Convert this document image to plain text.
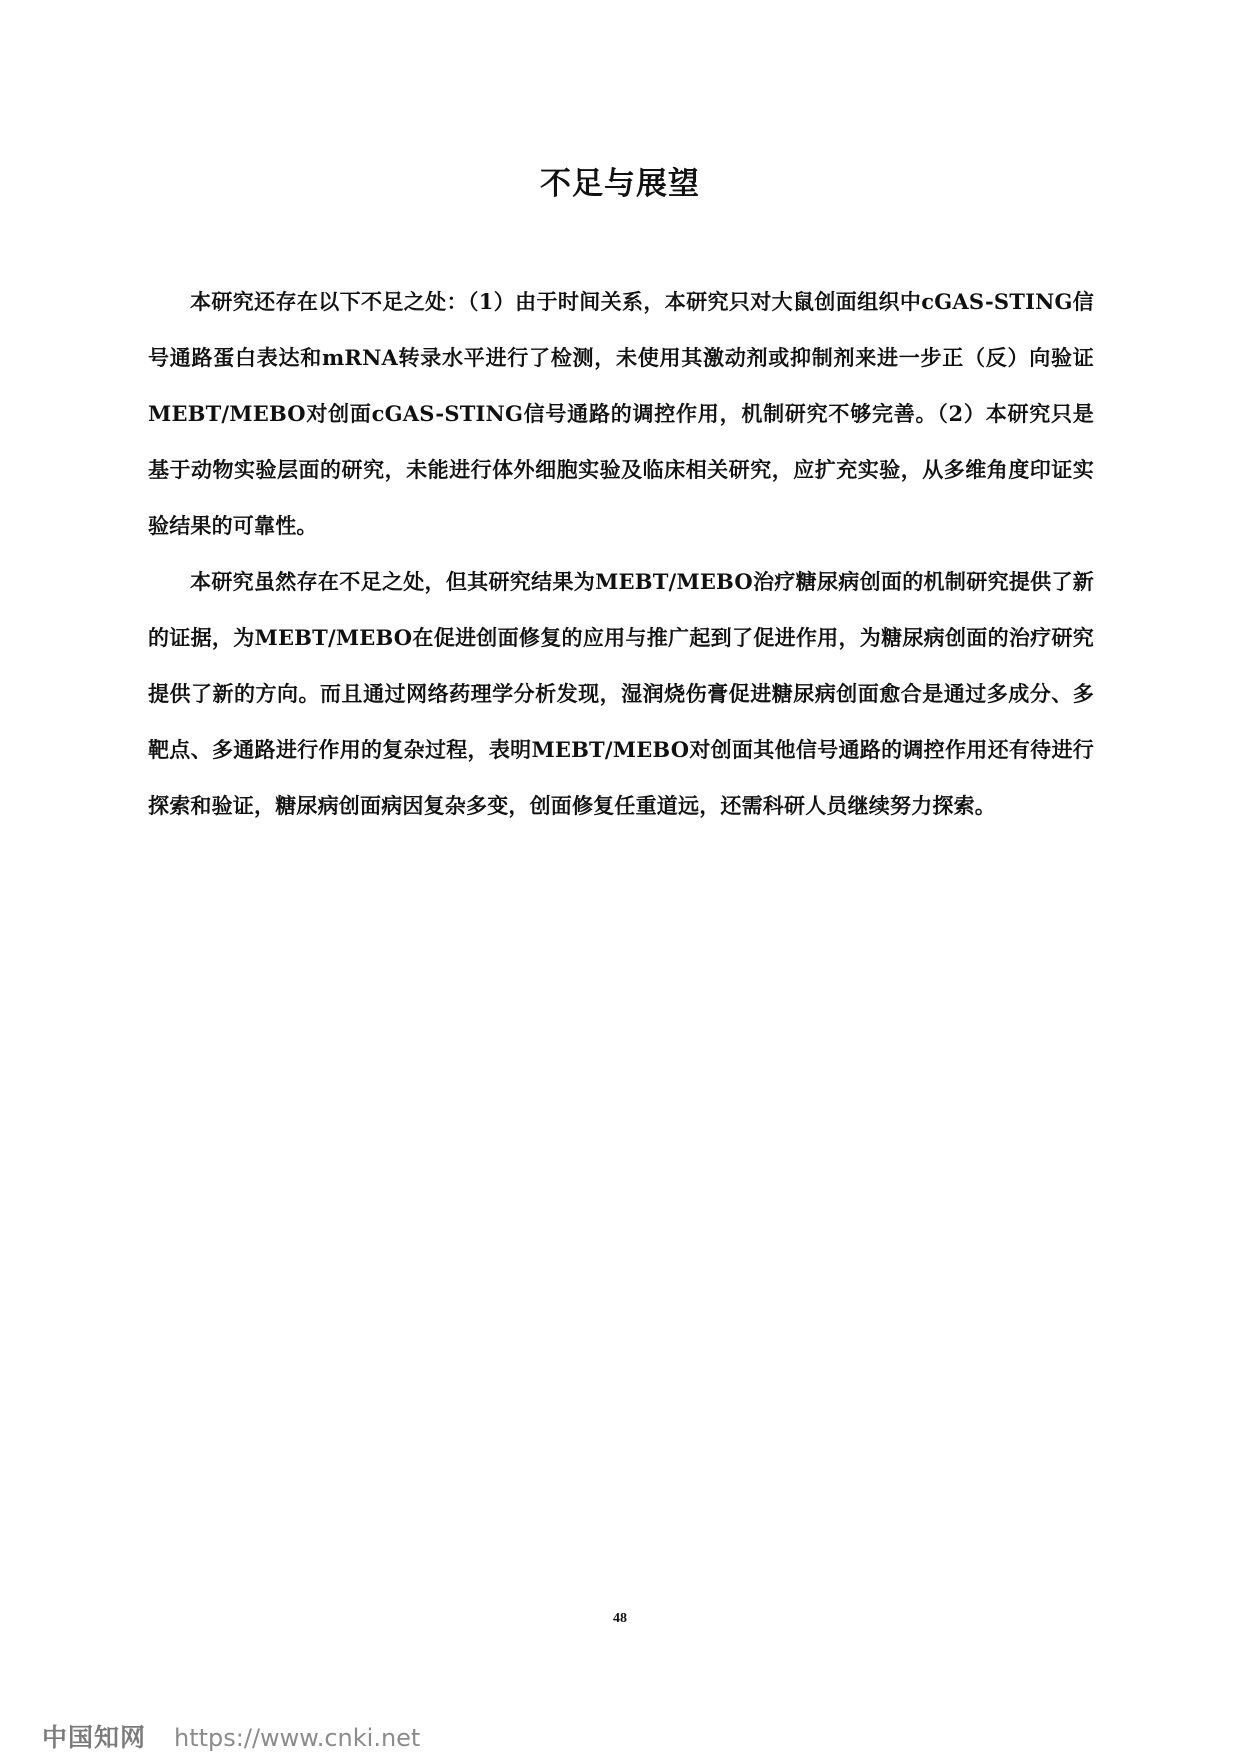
不足与展望

本研究还存在以下不足之处：（1）由于时间关系，本研究只对大鼠创面组织中cGAS-STING信号通路蛋白表达和mRNA转录水平进行了检测，未使用其激动剂或抑制剂来进一步正（反）向验证MEBT/MEBO对创面cGAS-STING信号通路的调控作用，机制研究不够完善。（2）本研究只是基于动物实验层面的研究，未能进行体外细胞实验及临床相关研究，应扩充实验，从多维角度印证实验结果的可靠性。

本研究虽然存在不足之处，但其研究结果为MEBT/MEBO治疗糖尿病创面的机制研究提供了新的证据，为MEBT/MEBO在促进创面修复的应用与推广起到了促进作用，为糖尿病创面的治疗研究提供了新的方向。而且通过网络药理学分析发现，湿润烧伤膏促进糖尿病创面愈合是通过多成分、多靶点、多通路进行作用的复杂过程，表明MEBT/MEBO对创面其他信号通路的调控作用还有待进行探索和验证，糖尿病创面病因复杂多变，创面修复任重道远，还需科研人员继续努力探索。

48
中国知网 https://www.cnki.net
